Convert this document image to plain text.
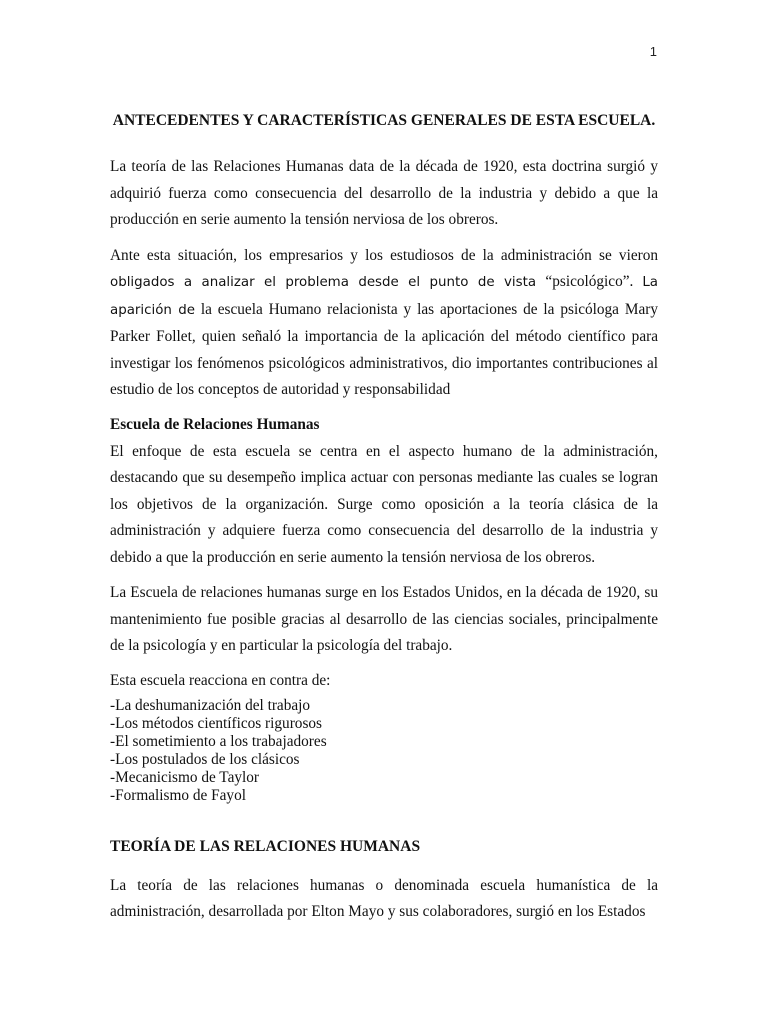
1
ANTECEDENTES Y CARACTERÍSTICAS GENERALES DE ESTA ESCUELA.

La teoría de las Relaciones Humanas data de la década de 1920, esta doctrina surgió y adquirió fuerza como consecuencia del desarrollo de la industria y debido a que la producción en serie aumento la tensión nerviosa de los obreros.

Ante esta situación, los empresarios y los estudiosos de la administración se vieron obligados a analizar el problema desde el punto de vista “psicológico”. La aparición de la escuela Humano relacionista y las aportaciones de la psicóloga Mary Parker Follet, quien señaló la importancia de la aplicación del método científico para investigar los fenómenos psicológicos administrativos, dio importantes contribuciones al estudio de los conceptos de autoridad y responsabilidad

Escuela de Relaciones Humanas

El enfoque de esta escuela se centra en el aspecto humano de la administración, destacando que su desempeño implica actuar con personas mediante las cuales se logran los objetivos de la organización. Surge como oposición a la teoría clásica de la administración y adquiere fuerza como consecuencia del desarrollo de la industria y debido a que la producción en serie aumento la tensión nerviosa de los obreros.

La Escuela de relaciones humanas surge en los Estados Unidos, en la década de 1920, su mantenimiento fue posible gracias al desarrollo de las ciencias sociales, principalmente de la psicología y en particular la psicología del trabajo.

Esta escuela reacciona en contra de:

-La deshumanización del trabajo
-Los métodos científicos rigurosos
-El sometimiento a los trabajadores
-Los postulados de los clásicos
-Mecanicismo de Taylor
-Formalismo de Fayol
TEORÍA DE LAS RELACIONES HUMANAS

La teoría de las relaciones humanas o denominada escuela humanística de la administración, desarrollada por Elton Mayo y sus colaboradores, surgió en los Estados
